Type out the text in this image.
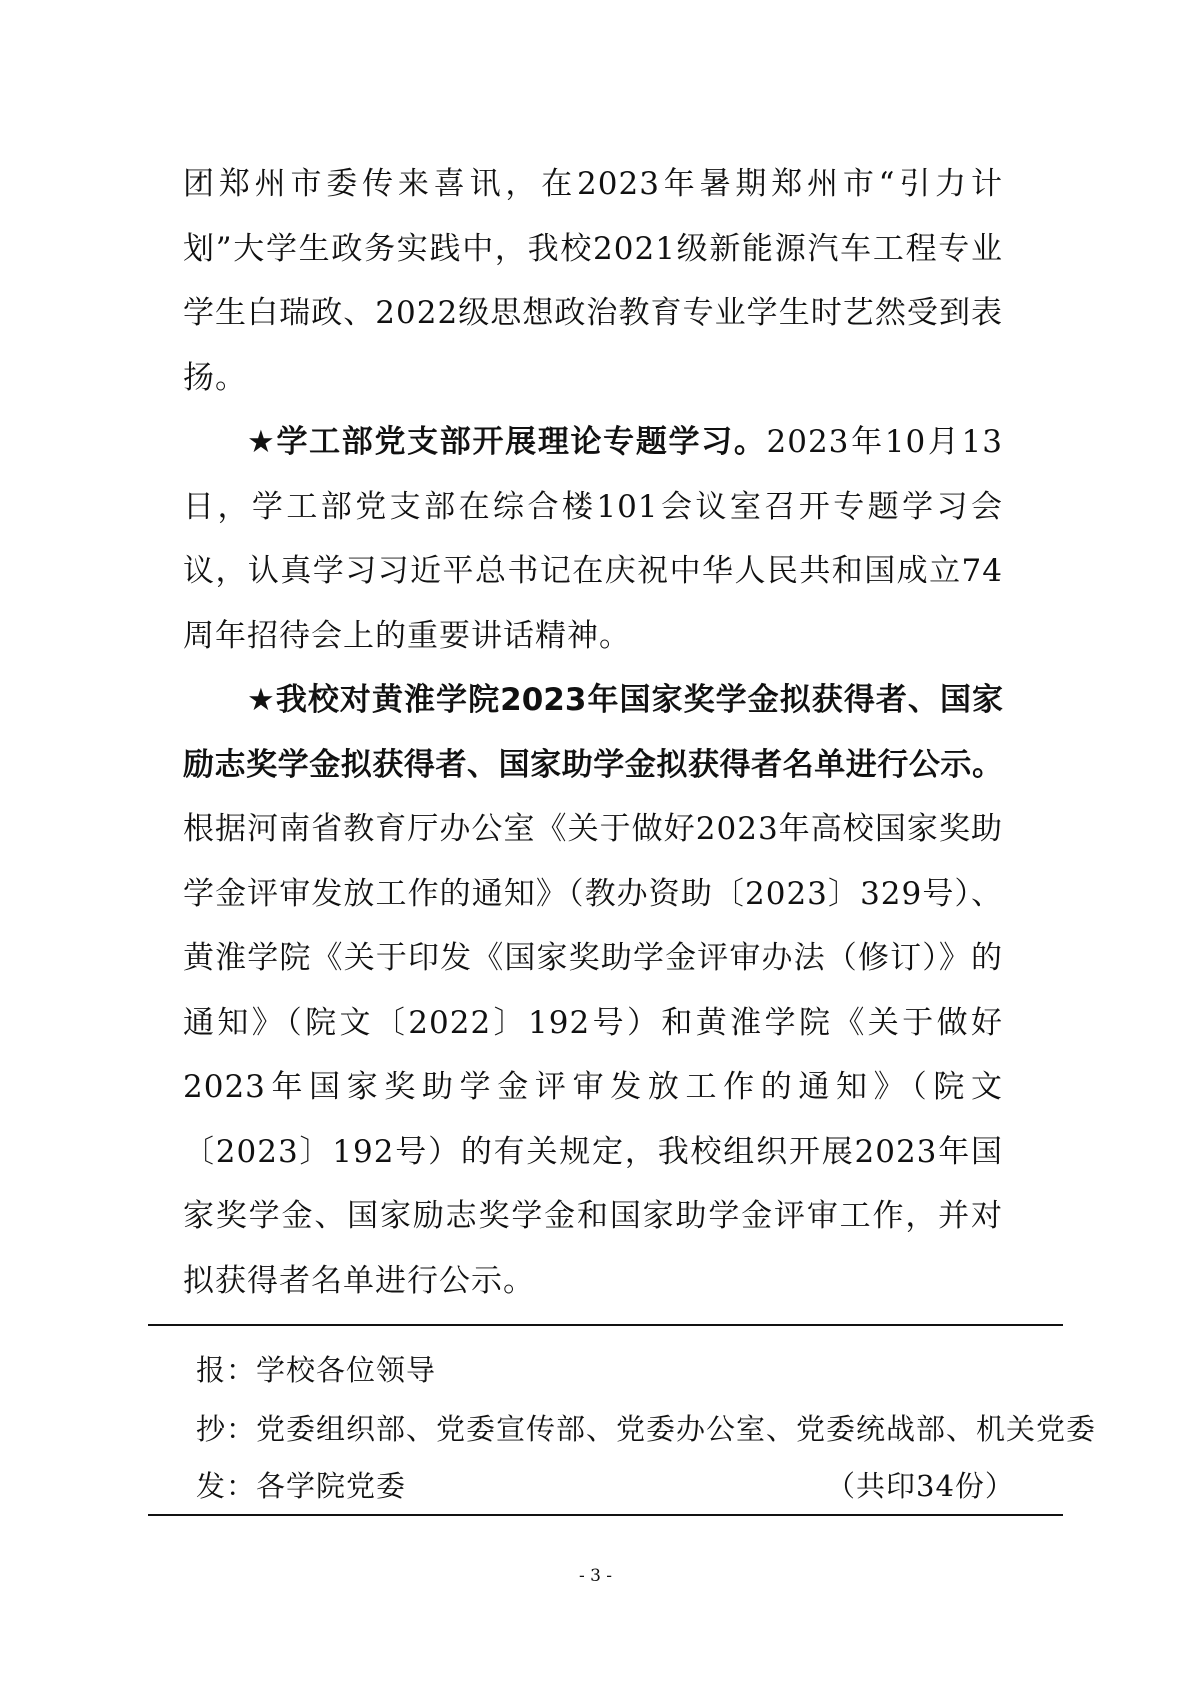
团郑州市委传来喜讯，在2023年暑期郑州市“引力计划”大学生政务实践中，我校2021级新能源汽车工程专业学生白瑞政、2022级思想政治教育专业学生时艺然受到表扬。

★学工部党支部开展理论专题学习。2023年10月13日，学工部党支部在综合楼101会议室召开专题学习会议，认真学习习近平总书记在庆祝中华人民共和国成立74周年招待会上的重要讲话精神。

★我校对黄淮学院2023年国家奖学金拟获得者、国家励志奖学金拟获得者、国家助学金拟获得者名单进行公示。根据河南省教育厅办公室《关于做好2023年高校国家奖助学金评审发放工作的通知》（教办资助〔2023〕329号）、黄淮学院《关于印发《国家奖助学金评审办法（修订）》的通知》（院文〔2022〕192号）和黄淮学院《关于做好2023年国家奖助学金评审发放工作的通知》（院文〔2023〕192号）的有关规定，我校组织开展2023年国家奖学金、国家励志奖学金和国家助学金评审工作，并对拟获得者名单进行公示。

报：学校各位领导
抄：党委组织部、党委宣传部、党委办公室、党委统战部、机关党委
发：各学院党委	（共印34份）
- 3 -
